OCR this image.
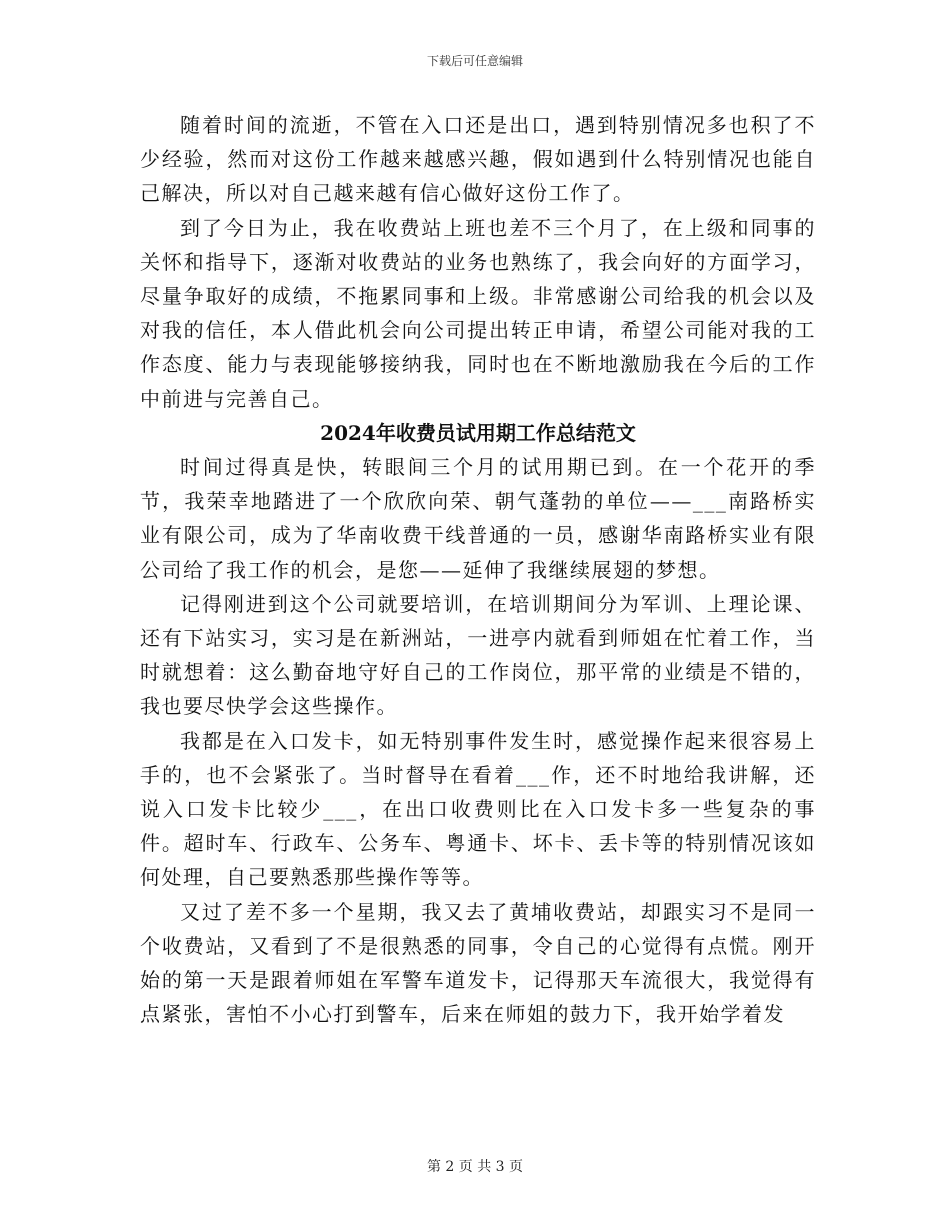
下载后可任意编辑

随着时间的流逝，不管在入口还是出口，遇到特别情况多也积了不少经验，然而对这份工作越来越感兴趣，假如遇到什么特别情况也能自己解决，所以对自己越来越有信心做好这份工作了。

到了今日为止，我在收费站上班也差不三个月了，在上级和同事的关怀和指导下，逐渐对收费站的业务也熟练了，我会向好的方面学习，尽量争取好的成绩，不拖累同事和上级。非常感谢公司给我的机会以及对我的信任，本人借此机会向公司提出转正申请，希望公司能对我的工作态度、能力与表现能够接纳我，同时也在不断地激励我在今后的工作中前进与完善自己。

2024年收费员试用期工作总结范文

时间过得真是快，转眼间三个月的试用期已到。在一个花开的季节，我荣幸地踏进了一个欣欣向荣、朝气蓬勃的单位——___南路桥实业有限公司，成为了华南收费干线普通的一员，感谢华南路桥实业有限公司给了我工作的机会，是您——延伸了我继续展翅的梦想。

记得刚进到这个公司就要培训，在培训期间分为军训、上理论课、还有下站实习，实习是在新洲站，一进亭内就看到师姐在忙着工作，当时就想着：这么勤奋地守好自己的工作岗位，那平常的业绩是不错的，我也要尽快学会这些操作。

我都是在入口发卡，如无特别事件发生时，感觉操作起来很容易上手的，也不会紧张了。当时督导在看着___作，还不时地给我讲解，还说入口发卡比较少___，在出口收费则比在入口发卡多一些复杂的事件。超时车、行政车、公务车、粤通卡、坏卡、丢卡等的特别情况该如何处理，自己要熟悉那些操作等等。

又过了差不多一个星期，我又去了黄埔收费站，却跟实习不是同一个收费站，又看到了不是很熟悉的同事，令自己的心觉得有点慌。刚开始的第一天是跟着师姐在军警车道发卡，记得那天车流很大，我觉得有点紧张，害怕不小心打到警车，后来在师姐的鼓力下，我开始学着发

第 2 页 共 3 页
